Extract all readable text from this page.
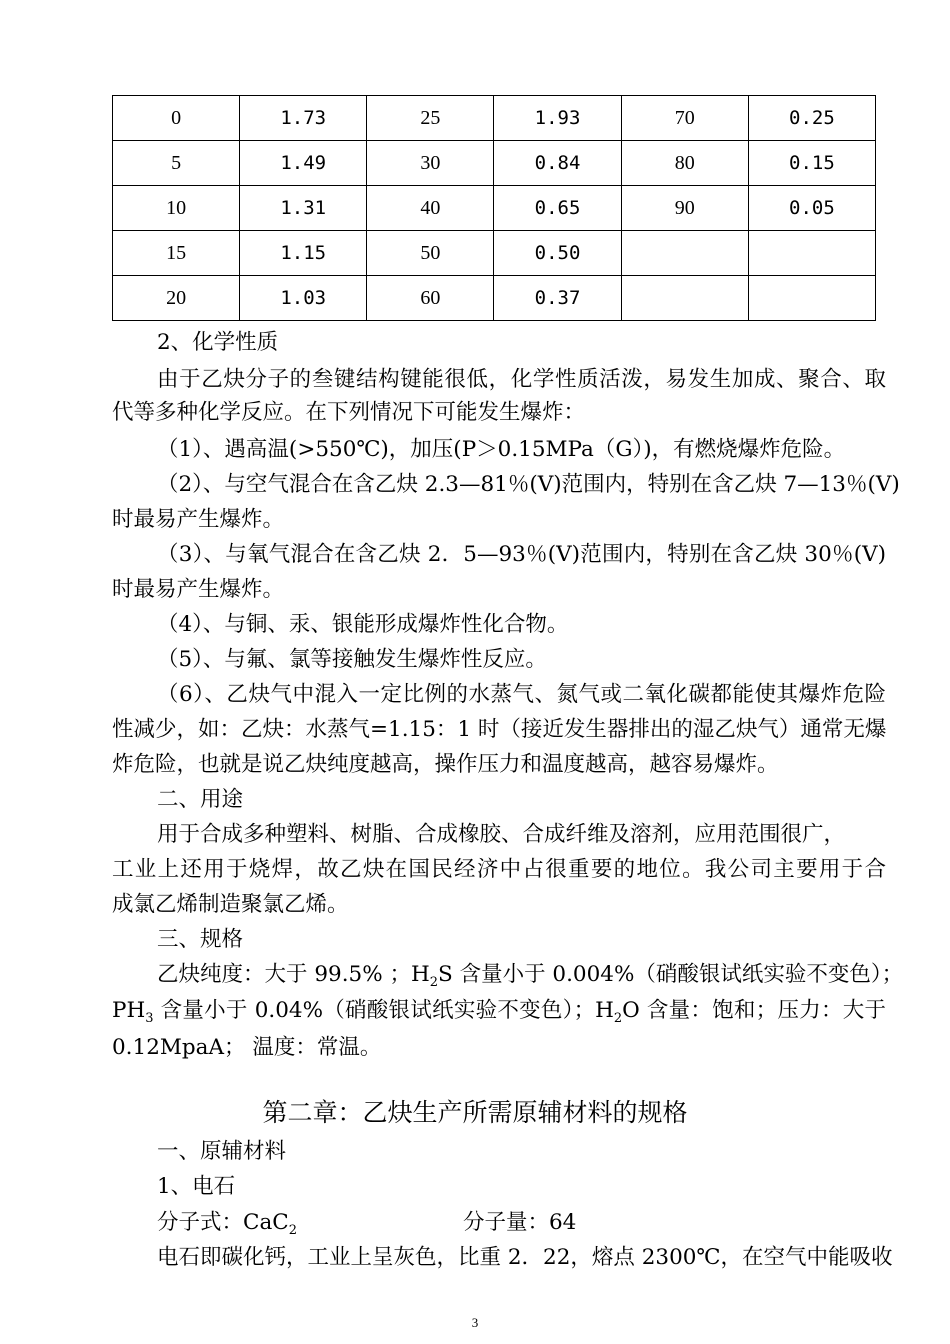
0	1.73	25	1.93	70	0.25
5	1.49	30	0.84	80	0.15
10	1.31	40	0.65	90	0.05
15	1.15	50	0.50		
20	1.03	60	0.37		
2、化学性质
由于乙炔分子的叁键结构键能很低，化学性质活泼，易发生加成、聚合、取
代等多种化学反应。在下列情况下可能发生爆炸：
（1）、遇高温(>550℃)，加压(P＞0.15MPa（G）)，有燃烧爆炸危险。
（2）、与空气混合在含乙炔 2.3—81％(V)范围内，特别在含乙炔 7—13％(V)
时最易产生爆炸。
（3）、与氧气混合在含乙炔 2．5—93％(V)范围内，特别在含乙炔 30％(V)
时最易产生爆炸。
（4）、与铜、汞、银能形成爆炸性化合物。
（5）、与氟、氯等接触发生爆炸性反应。
（6）、乙炔气中混入一定比例的水蒸气、氮气或二氧化碳都能使其爆炸危险
性减少，如：乙炔：水蒸气=1.15：1 时（接近发生器排出的湿乙炔气）通常无爆
炸危险，也就是说乙炔纯度越高，操作压力和温度越高，越容易爆炸。
二、用途
用于合成多种塑料、树脂、合成橡胶、合成纤维及溶剂，应用范围很广，
工业上还用于烧焊，故乙炔在国民经济中占很重要的地位。我公司主要用于合
成氯乙烯制造聚氯乙烯。
三、规格
乙炔纯度：大于 99.5% ；$H_2S$ 含量小于 0.004%（硝酸银试纸实验不变色）；
$PH_3$ 含量小于 0.04%（硝酸银试纸实验不变色）；$H_2O$ 含量：饱和；压力：大于
0.12MpaA； 温度：常温。
第二章：乙炔生产所需原辅材料的规格
一、原辅材料
1、电石
分子式：CaC$_2$	分子量：64
电石即碳化钙，工业上呈灰色，比重 2．22，熔点 2300℃，在空气中能吸收
3
